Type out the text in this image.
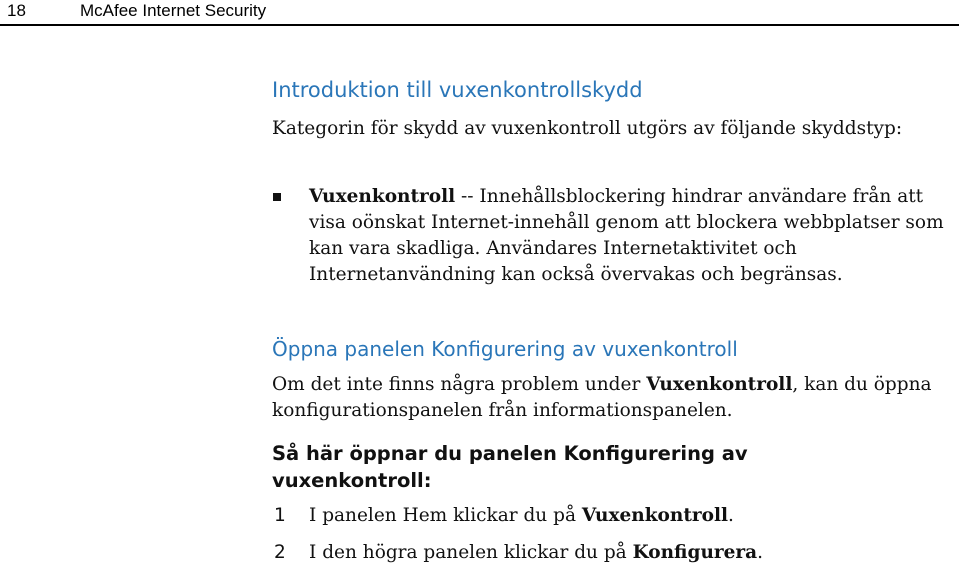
18	McAfee Internet Security
Introduktion till vuxenkontrollskydd

Kategorin för skydd av vuxenkontroll utgörs av följande skyddstyp:

Vuxenkontroll -- Innehållsblockering hindrar användare från att visa oönskat Internet-innehåll genom att blockera webbplatser som kan vara skadliga. Användares Internetaktivitet och Internetanvändning kan också övervakas och begränsas.

Öppna panelen Konfigurering av vuxenkontroll

Om det inte finns några problem under Vuxenkontroll, kan du öppna konfigurationspanelen från informationspanelen.

Så här öppnar du panelen Konfigurering av vuxenkontroll:

1 I panelen Hem klickar du på Vuxenkontroll.
2 I den högra panelen klickar du på Konfigurera.
